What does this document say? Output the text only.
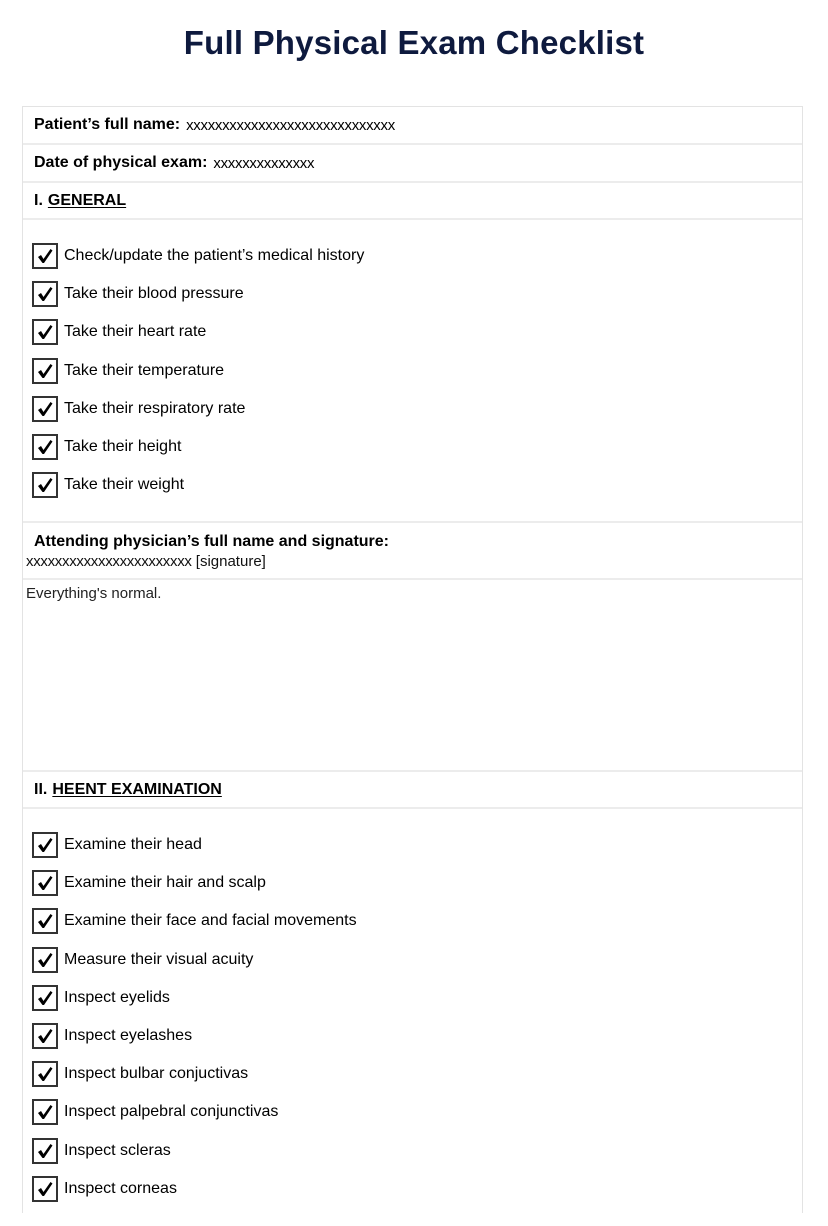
Full Physical Exam Checklist
Patient’s full name: xxxxxxxxxxxxxxxxxxxxxxxxxxxxx
Date of physical exam: xxxxxxxxxxxxxx
I. GENERAL
Check/update the patient’s medical history
Take their blood pressure
Take their heart rate
Take their temperature
Take their respiratory rate
Take their height
Take their weight
Attending physician’s full name and signature:
xxxxxxxxxxxxxxxxxxxxxxx [signature]
Everything's normal.
II. HEENT EXAMINATION
Examine their head
Examine their hair and scalp
Examine their face and facial movements
Measure their visual acuity
Inspect eyelids
Inspect eyelashes
Inspect bulbar conjuctivas
Inspect palpebral conjunctivas
Inspect scleras
Inspect corneas
